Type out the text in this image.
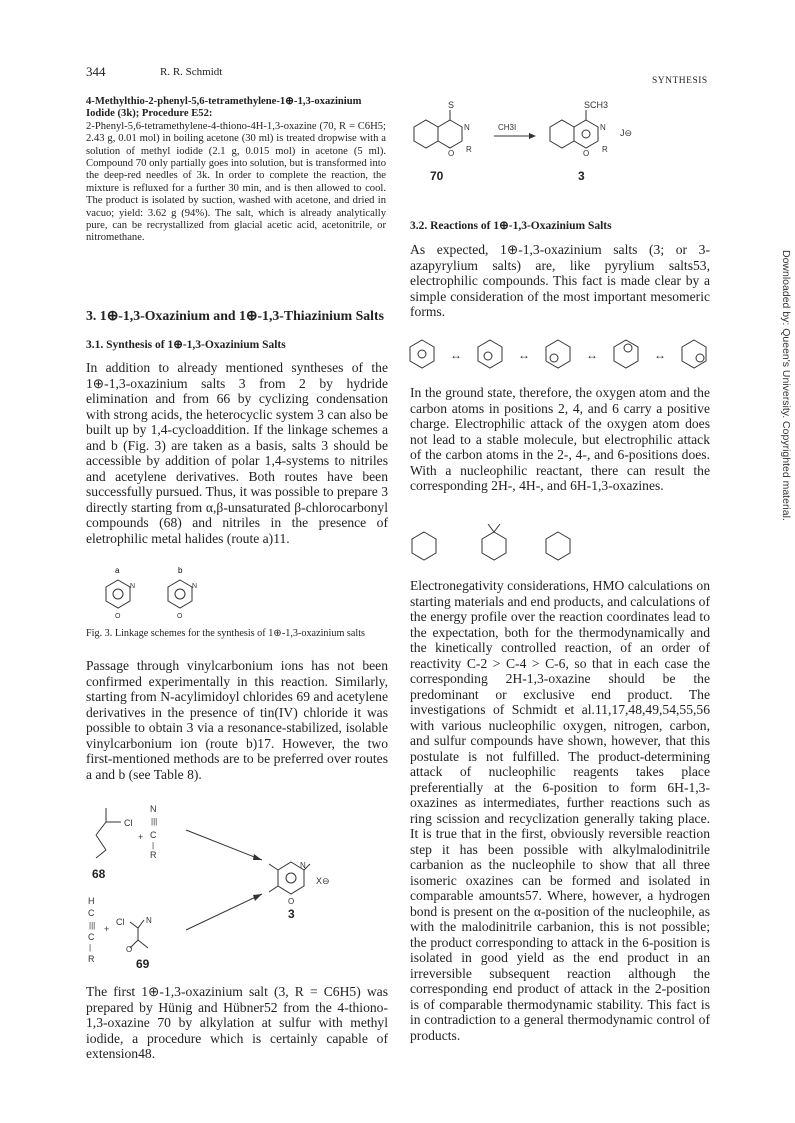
344	R. R. Schmidt
SYNTHESIS

4-Methylthio-2-phenyl-5,6-tetramethylene-1⊕-1,3-oxazinium Iodide (3k); Procedure E52:

2-Phenyl-5,6-tetramethylene-4-thiono-4H-1,3-oxazine (70, R = C6H5; 2.43 g, 0.01 mol) in boiling acetone (30 ml) is treated dropwise with a solution of methyl iodide (2.1 g, 0.015 mol) in acetone (5 ml). Compound 70 only partially goes into solution, but is transformed into the deep-red needles of 3k. In order to complete the reaction, the mixture is refluxed for a further 30 min, and is then allowed to cool. The product is isolated by suction, washed with acetone, and dried in vacuo; yield: 3.62 g (94%). The salt, which is already analytically pure, can be recrystallized from glacial acetic acid, acetonitrile, or nitromethane.

3. 1⊕-1,3-Oxazinium and 1⊕-1,3-Thiazinium Salts
3.1. Synthesis of 1⊕-1,3-Oxazinium Salts

In addition to already mentioned syntheses of the 1⊕-1,3-oxazinium salts 3 from 2 by hydride elimination and from 66 by cyclizing condensation with strong acids, the heterocyclic system 3 can also be built up by 1,4-cycloaddition. If the linkage schemes a and b (Fig. 3) are taken as a basis, salts 3 should be accessible by addition of polar 1,4-systems to nitriles and acetylene derivatives. Both routes have been successfully pursued. Thus, it was possible to prepare 3 directly starting from α,β-unsaturated β-chlorocarbonyl compounds (68) and nitriles in the presence of eletrophilic metal halides (route a)11.

a	b
N
O
N
O
Fig. 3. Linkage schemes for the synthesis of 1⊕-1,3-oxazinium salts

Passage through vinylcarbonium ions has not been confirmed experimentally in this reaction. Similarly, starting from N-acylimidoyl chlorides 69 and acetylene derivatives in the presence of tin(IV) chloride it was possible to obtain 3 via a resonance-stabilized, isolable vinylcarbonium ion (route b)17. However, the two first-mentioned methods are to be preferred over routes a and b (see Table 8).

Cl
+
N
|||
C
|
R
68
N
O
X⊖
3
H
C
|||
C
|
R
+
Cl	N
O
69

The first 1⊕-1,3-oxazinium salt (3, R = C6H5) was prepared by Hünig and Hübner52 from the 4-thiono-1,3-oxazine 70 by alkylation at sulfur with methyl iodide, a procedure which is certainly capable of extension48.

S
N
O R
70
CH3I
SCH3
N
O R
J⊖
3
3.2. Reactions of 1⊕-1,3-Oxazinium Salts

As expected, 1⊕-1,3-oxazinium salts (3; or 3-azapyrylium salts) are, like pyrylium salts53, electrophilic compounds. This fact is made clear by a simple consideration of the most important mesomeric forms.

↔	↔	↔	↔

In the ground state, therefore, the oxygen atom and the carbon atoms in positions 2, 4, and 6 carry a positive charge. Electrophilic attack of the oxygen atom does not lead to a stable molecule, but electrophilic attack of the carbon atoms in the 2-, 4-, and 6-positions does. With a nucleophilic reactant, there can result the corresponding 2H-, 4H-, and 6H-1,3-oxazines.

Electronegativity considerations, HMO calculations on starting materials and end products, and calculations of the energy profile over the reaction coordinates lead to the expectation, both for the thermodynamically and the kinetically controlled reaction, of an order of reactivity C-2 > C-4 > C-6, so that in each case the corresponding 2H-1,3-oxazine should be the predominant or exclusive end product. The investigations of Schmidt et al.11,17,48,49,54,55,56 with various nucleophilic oxygen, nitrogen, carbon, and sulfur compounds have shown, however, that this postulate is not fulfilled. The product-determining attack of nucleophilic reagents takes place preferentially at the 6-position to form 6H-1,3-oxazines as intermediates, further reactions such as ring scission and recyclization generally taking place. It is true that in the first, obviously reversible reaction step it has been possible with alkylmalodinitrile carbanion as the nucleophile to show that all three isomeric oxazines can be formed and isolated in comparable amounts57. Where, however, a hydrogen bond is present on the α-position of the nucleophile, as with the malodinitrile carbanion, this is not possible; the product corresponding to attack in the 6-position is isolated in good yield as the end product in an irreversible subsequent reaction although the corresponding end product of attack in the 2-position is of comparable thermodynamic stability. This fact is in contradiction to a general thermodynamic control of products.

Downloaded by: Queen's University. Copyrighted material.
